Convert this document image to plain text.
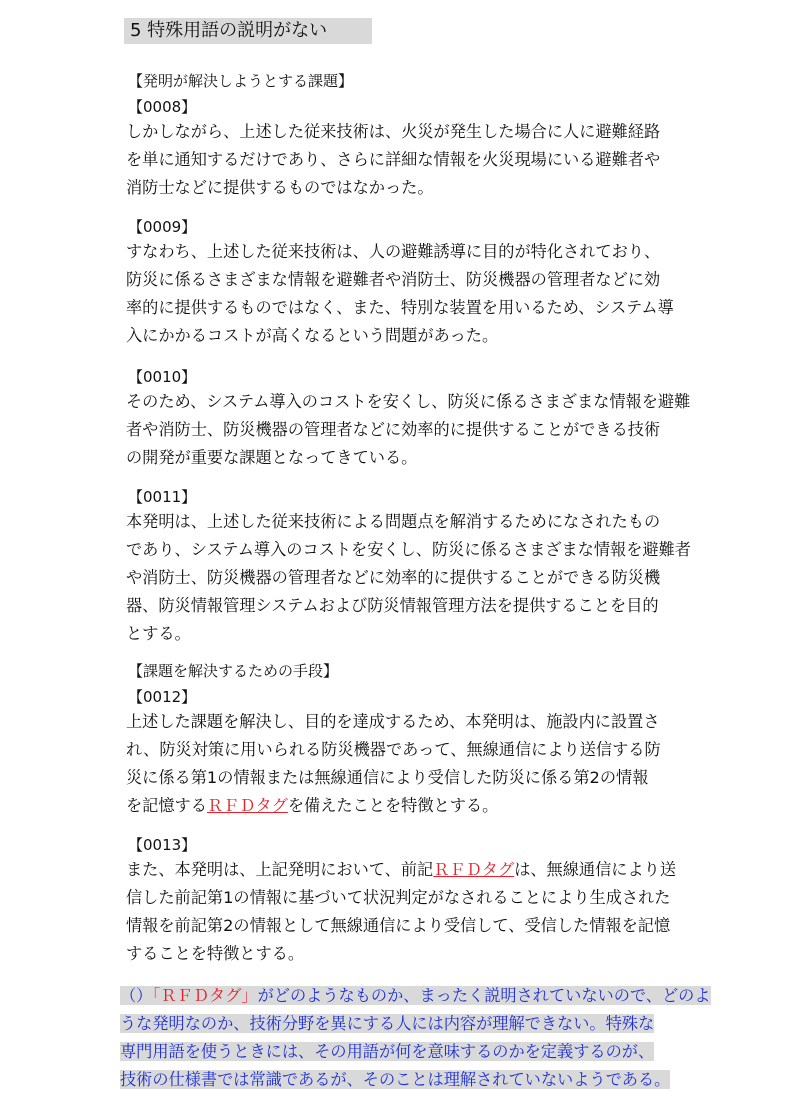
5 特殊用語の説明がない
【発明が解決しようとする課題】
【0008】
しかしながら、上述した従来技術は、火災が発生した場合に人に避難経路
を単に通知するだけであり、さらに詳細な情報を火災現場にいる避難者や
消防士などに提供するものではなかった。
【0009】
すなわち、上述した従来技術は、人の避難誘導に目的が特化されており、
防災に係るさまざまな情報を避難者や消防士、防災機器の管理者などに効
率的に提供するものではなく、また、特別な装置を用いるため、システム導
入にかかるコストが高くなるという問題があった。
【0010】
そのため、システム導入のコストを安くし、防災に係るさまざまな情報を避難
者や消防士、防災機器の管理者などに効率的に提供することができる技術
の開発が重要な課題となってきている。
【0011】
本発明は、上述した従来技術による問題点を解消するためになされたもの
であり、システム導入のコストを安くし、防災に係るさまざまな情報を避難者
や消防士、防災機器の管理者などに効率的に提供することができる防災機
器、防災情報管理システムおよび防災情報管理方法を提供することを目的
とする。
【課題を解決するための手段】
【0012】
上述した課題を解決し、目的を達成するため、本発明は、施設内に設置さ
れ、防災対策に用いられる防災機器であって、無線通信により送信する防
災に係る第1の情報または無線通信により受信した防災に係る第2の情報
を記憶するＲＦＤタグを備えたことを特徴とする。
【0013】
また、本発明は、上記発明において、前記ＲＦＤタグは、無線通信により送
信した前記第1の情報に基づいて状況判定がなされることにより生成された
情報を前記第2の情報として無線通信により受信して、受信した情報を記憶
することを特徴とする。
（）「ＲＦＤタグ」がどのようなものか、まったく説明されていないので、どのよ
うな発明なのか、技術分野を異にする人には内容が理解できない。特殊な
専門用語を使うときには、その用語が何を意味するのかを定義するのが、
技術の仕様書では常識であるが、そのことは理解されていないようである。
